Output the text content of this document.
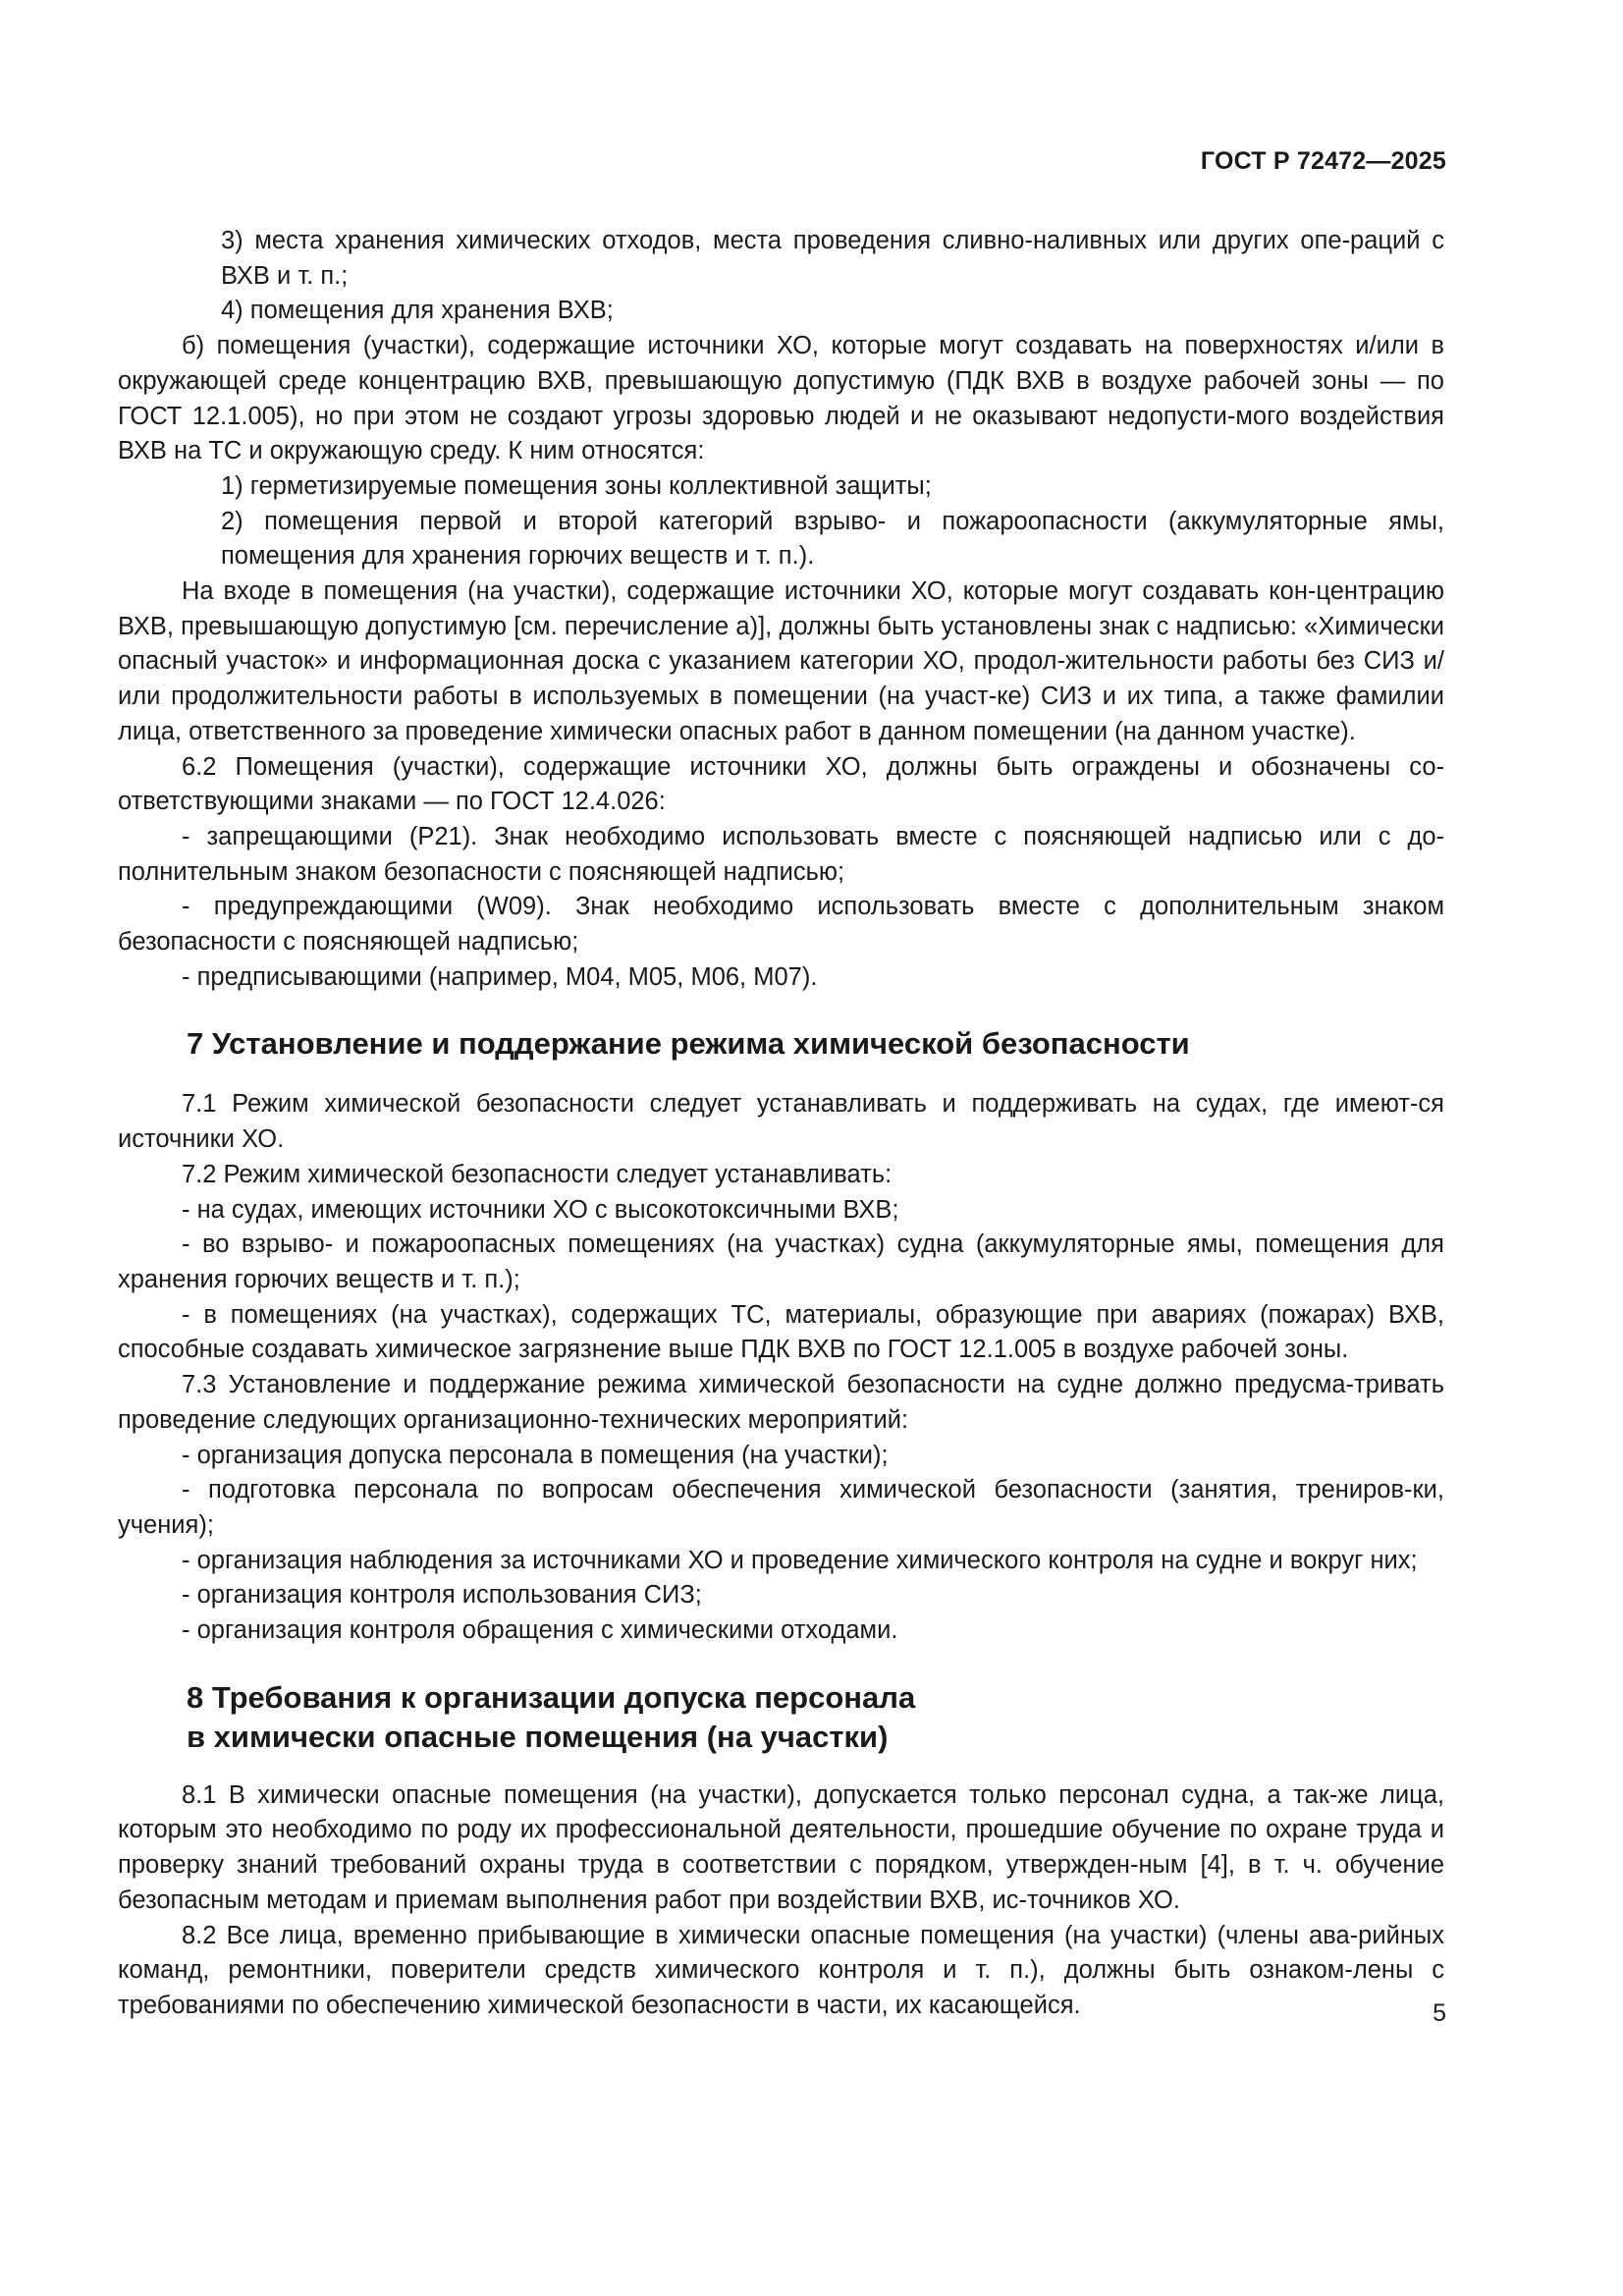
ГОСТ Р 72472—2025

3) места хранения химических отходов, места проведения сливно-наливных или других опе-раций с ВХВ и т. п.;

4) помещения для хранения ВХВ;

б) помещения (участки), содержащие источники ХО, которые могут создавать на поверхностях и/или в окружающей среде концентрацию ВХВ, превышающую допустимую (ПДК ВХВ в воздухе рабочей зоны — по ГОСТ 12.1.005), но при этом не создают угрозы здоровью людей и не оказывают недопусти-мого воздействия ВХВ на ТС и окружающую среду. К ним относятся:

1) герметизируемые помещения зоны коллективной защиты;

2) помещения первой и второй категорий взрыво- и пожароопасности (аккумуляторные ямы, помещения для хранения горючих веществ и т. п.).

На входе в помещения (на участки), содержащие источники ХО, которые могут создавать кон-центрацию ВХВ, превышающую допустимую [см. перечисление а)], должны быть установлены знак с надписью: «Химически опасный участок» и информационная доска с указанием категории ХО, продол-жительности работы без СИЗ и/или продолжительности работы в используемых в помещении (на участ-ке) СИЗ и их типа, а также фамилии лица, ответственного за проведение химически опасных работ в данном помещении (на данном участке).

6.2 Помещения (участки), содержащие источники ХО, должны быть ограждены и обозначены со-ответствующими знаками — по ГОСТ 12.4.026:

- запрещающими (P21). Знак необходимо использовать вместе с поясняющей надписью или с до-полнительным знаком безопасности с поясняющей надписью;

- предупреждающими (W09). Знак необходимо использовать вместе с дополнительным знаком безопасности с поясняющей надписью;

- предписывающими (например, M04, M05, M06, M07).

7 Установление и поддержание режима химической безопасности

7.1 Режим химической безопасности следует устанавливать и поддерживать на судах, где имеют-ся источники ХО.

7.2 Режим химической безопасности следует устанавливать:

- на судах, имеющих источники ХО с высокотоксичными ВХВ;

- во взрыво- и пожароопасных помещениях (на участках) судна (аккумуляторные ямы, помещения для хранения горючих веществ и т. п.);

- в помещениях (на участках), содержащих ТС, материалы, образующие при авариях (пожарах) ВХВ, способные создавать химическое загрязнение выше ПДК ВХВ по ГОСТ 12.1.005 в воздухе рабочей зоны.

7.3 Установление и поддержание режима химической безопасности на судне должно предусма-тривать проведение следующих организационно-технических мероприятий:

- организация допуска персонала в помещения (на участки);

- подготовка персонала по вопросам обеспечения химической безопасности (занятия, трениров-ки, учения);

- организация наблюдения за источниками ХО и проведение химического контроля на судне и вокруг них;

- организация контроля использования СИЗ;

- организация контроля обращения с химическими отходами.

8 Требования к организации допуска персонала
в химически опасные помещения (на участки)

8.1 В химически опасные помещения (на участки), допускается только персонал судна, а так-же лица, которым это необходимо по роду их профессиональной деятельности, прошедшие обучение по охране труда и проверку знаний требований охраны труда в соответствии с порядком, утвержден-ным [4], в т. ч. обучение безопасным методам и приемам выполнения работ при воздействии ВХВ, ис-точников ХО.

8.2 Все лица, временно прибывающие в химически опасные помещения (на участки) (члены ава-рийных команд, ремонтники, поверители средств химического контроля и т. п.), должны быть ознаком-лены с требованиями по обеспечению химической безопасности в части, их касающейся.	5
